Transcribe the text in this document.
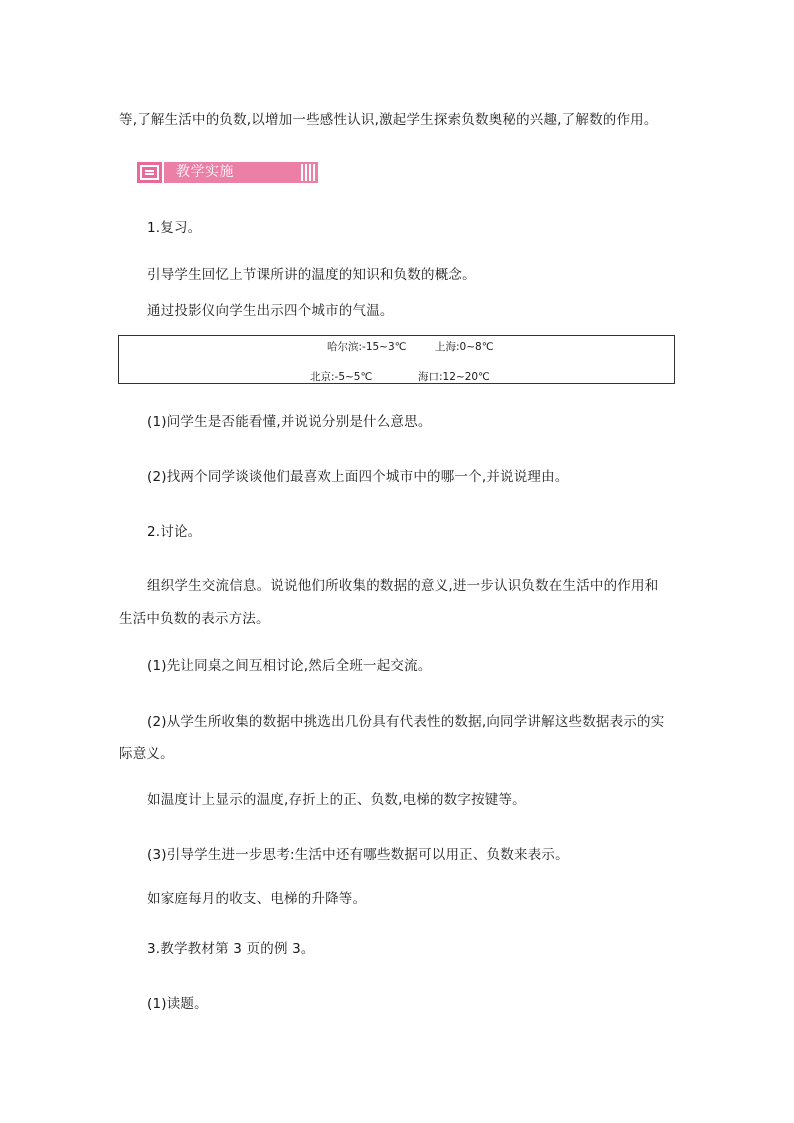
等,了解生活中的负数,以增加一些感性认识,激起学生探索负数奥秘的兴趣,了解数的作用。
教学实施
1.复习。
引导学生回忆上节课所讲的温度的知识和负数的概念。
通过投影仪向学生出示四个城市的气温。
哈尔滨:-15~3℃	上海:0~8℃
北京:-5~5℃	海口:12~20℃
(1)问学生是否能看懂,并说说分别是什么意思。
(2)找两个同学谈谈他们最喜欢上面四个城市中的哪一个,并说说理由。
2.讨论。
组织学生交流信息。说说他们所收集的数据的意义,进一步认识负数在生活中的作用和
生活中负数的表示方法。
(1)先让同桌之间互相讨论,然后全班一起交流。
(2)从学生所收集的数据中挑选出几份具有代表性的数据,向同学讲解这些数据表示的实
际意义。
如温度计上显示的温度,存折上的正、负数,电梯的数字按键等。
(3)引导学生进一步思考:生活中还有哪些数据可以用正、负数来表示。
如家庭每月的收支、电梯的升降等。
3.教学教材第 3 页的例 3。
(1)读题。
